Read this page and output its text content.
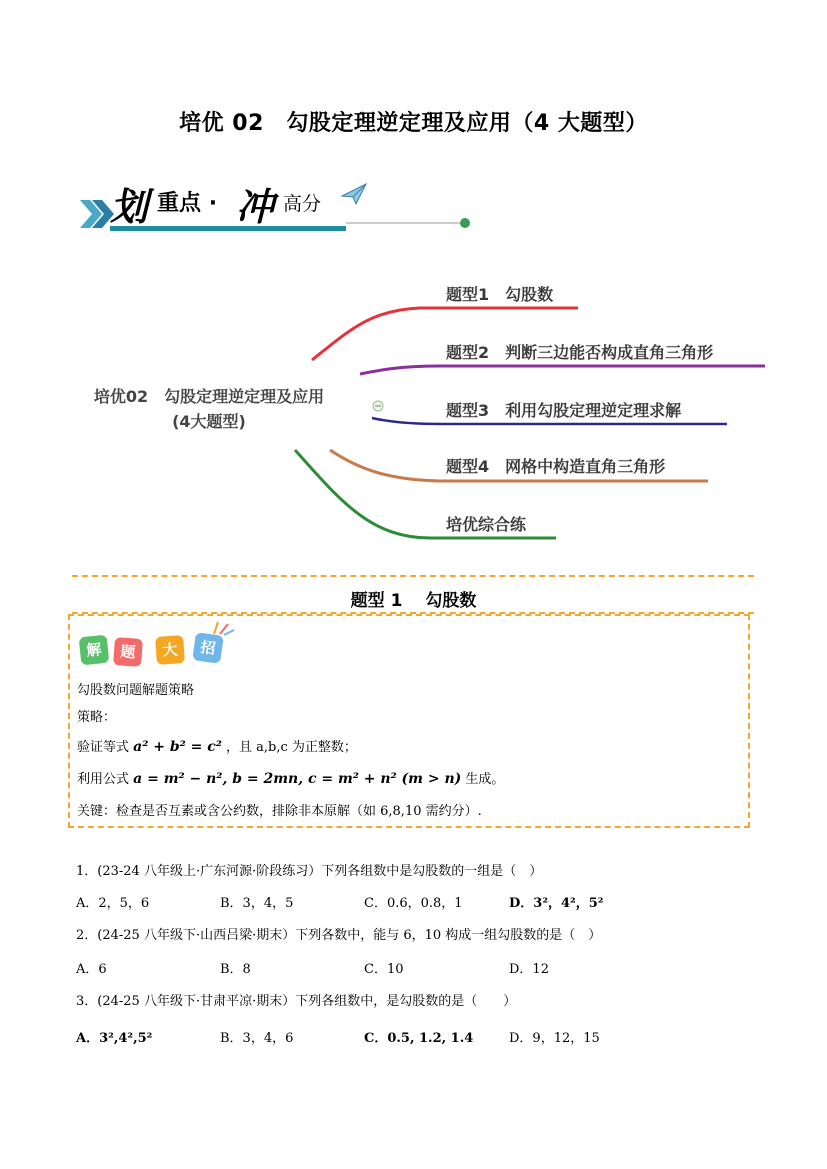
培优 02　勾股定理逆定理及应用（4 大题型）
划 重点 · 冲 高分
培优02　勾股定理逆定理及应用
(4大题型)
题型1　勾股数
题型2　判断三边能否构成直角三角形
题型3　利用勾股定理逆定理求解
题型4　网格中构造直角三角形
培优综合练
题型 1　 勾股数
解	题	大	招
勾股数问题解题策略
策略：
验证等式 a² + b² = c² ，且 a,b,c 为正整数；
利用公式 a = m² − n², b = 2mn, c = m² + n² (m > n) 生成。
关键：检查是否互素或含公约数，排除非本原解（如 6,8,10 需约分）.
1．(23-24 八年级上·广东河源·阶段练习）下列各组数中是勾股数的一组是（　）
A．2，5，6	B．3，4，5	C．0.6，0.8，1	D．3²，4²，5²
2．(24-25 八年级下·山西吕梁·期末）下列各数中，能与 6，10 构成一组勾股数的是（　）
A．6	B．8	C．10	D．12
3．(24-25 八年级下·甘肃平凉·期末）下列各组数中，是勾股数的是（　　）
A．3²,4²,5²	B．3，4，6	C．0.5, 1.2, 1.4	D．9，12，15
